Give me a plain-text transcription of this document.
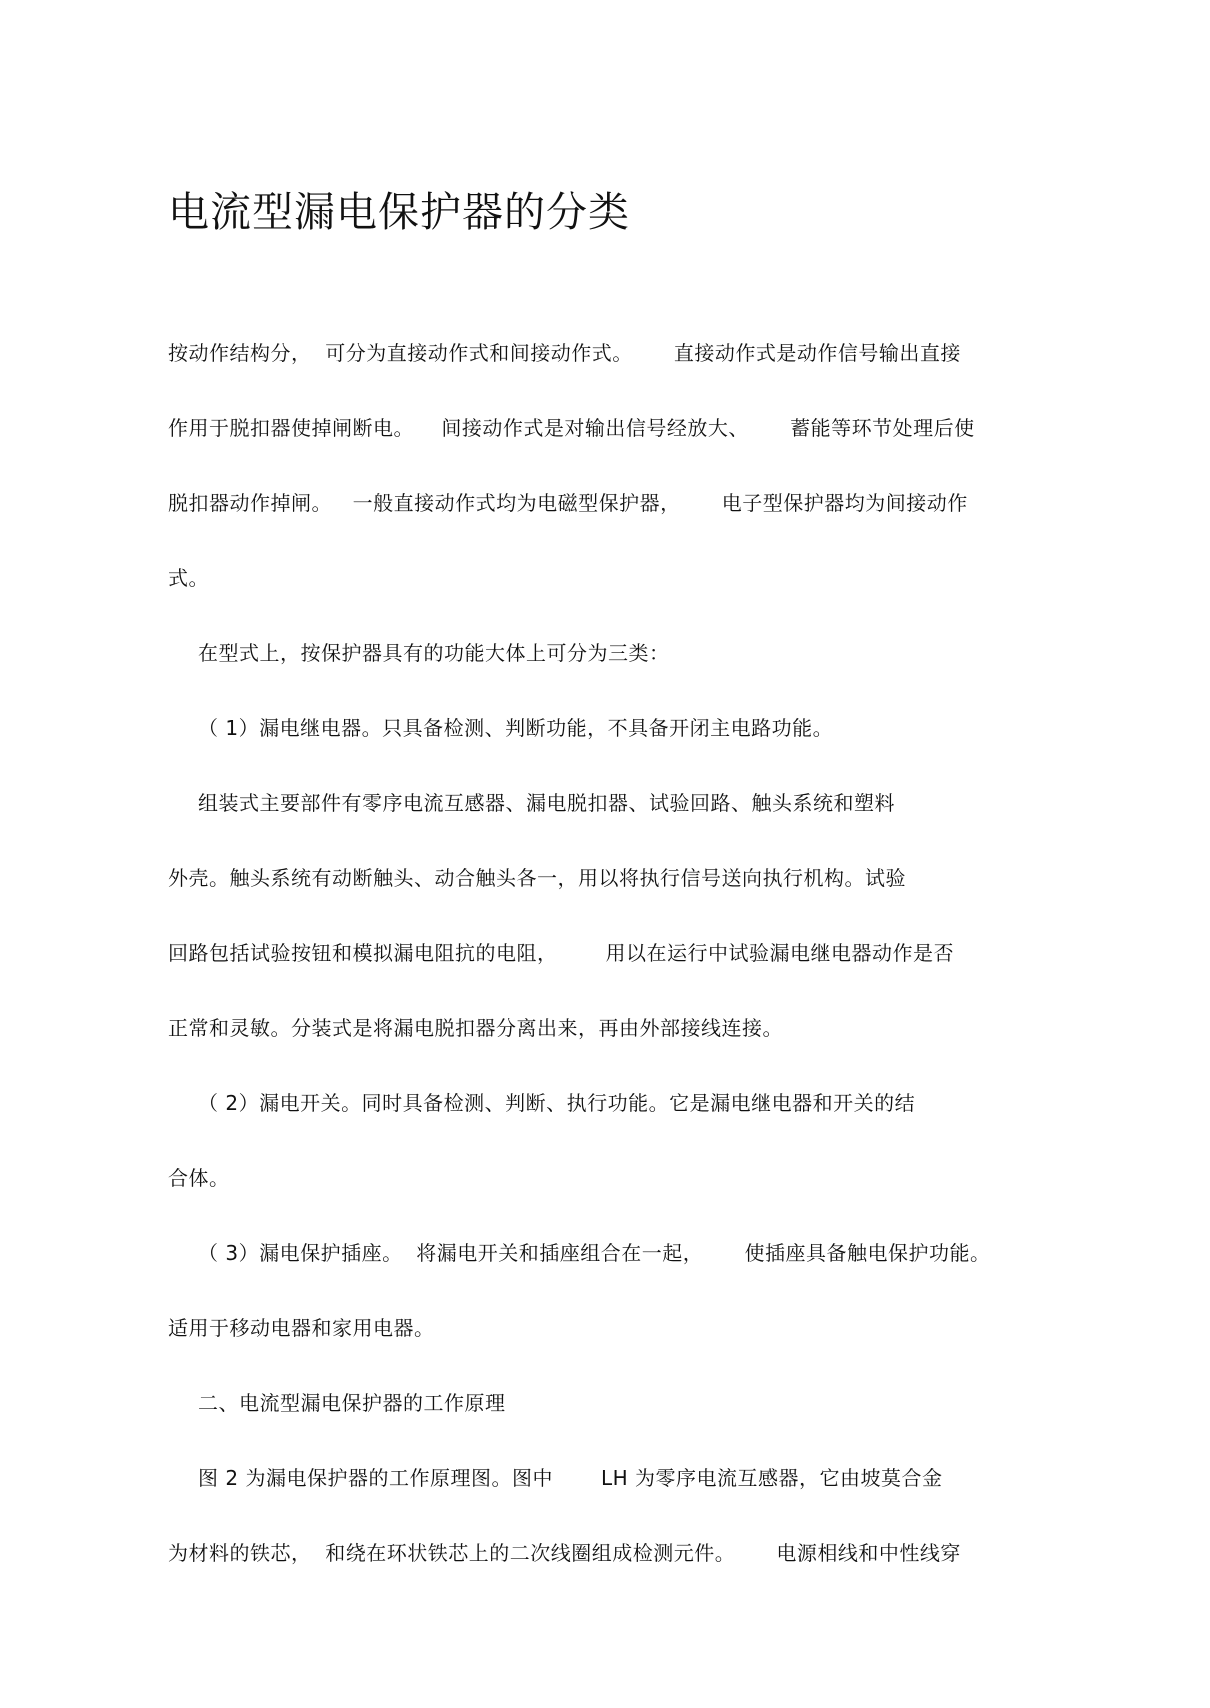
电流型漏电保护器的分类
按动作结构分，  可分为直接动作式和间接动作式。      直接动作式是动作信号输出直接
作用于脱扣器使掉闸断电。    间接动作式是对输出信号经放大、      蓄能等环节处理后使
脱扣器动作掉闸。   一般直接动作式均为电磁型保护器，      电子型保护器均为间接动作
式。
在型式上，按保护器具有的功能大体上可分为三类：
（ 1）漏电继电器。只具备检测、判断功能，不具备开闭主电路功能。
组装式主要部件有零序电流互感器、漏电脱扣器、试验回路、触头系统和塑料
外壳。触头系统有动断触头、动合触头各一，用以将执行信号送向执行机构。试验
回路包括试验按钮和模拟漏电阻抗的电阻，       用以在运行中试验漏电继电器动作是否
正常和灵敏。分装式是将漏电脱扣器分离出来，再由外部接线连接。
（ 2）漏电开关。同时具备检测、判断、执行功能。它是漏电继电器和开关的结
合体。
（ 3）漏电保护插座。  将漏电开关和插座组合在一起，      使插座具备触电保护功能。
适用于移动电器和家用电器。
二、电流型漏电保护器的工作原理
图 2 为漏电保护器的工作原理图。图中       LH 为零序电流互感器，它由坡莫合金
为材料的铁芯，  和绕在环状铁芯上的二次线圈组成检测元件。      电源相线和中性线穿
